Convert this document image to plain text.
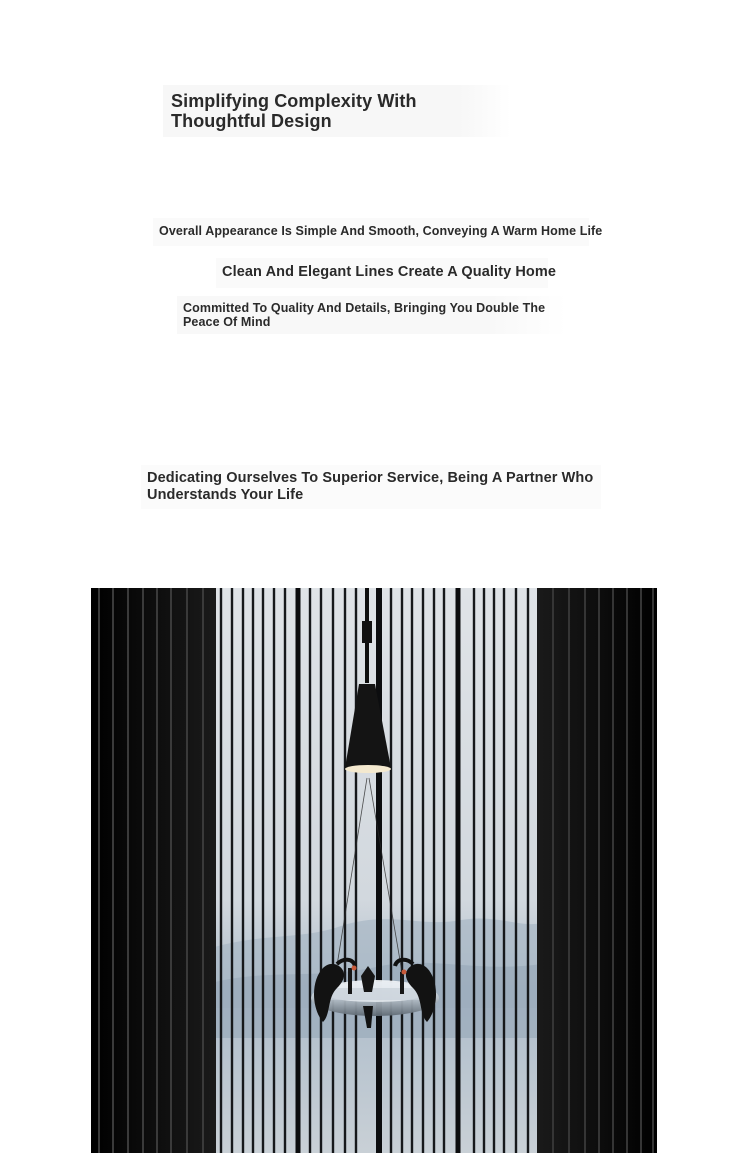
Simplifying Complexity With Thoughtful Design

Overall Appearance Is Simple And Smooth, Conveying A Warm Home Life

Clean And Elegant Lines Create A Quality Home

Committed To Quality And Details, Bringing You Double The Peace Of Mind

Dedicating Ourselves To Superior Service, Being A Partner Who Understands Your Life
